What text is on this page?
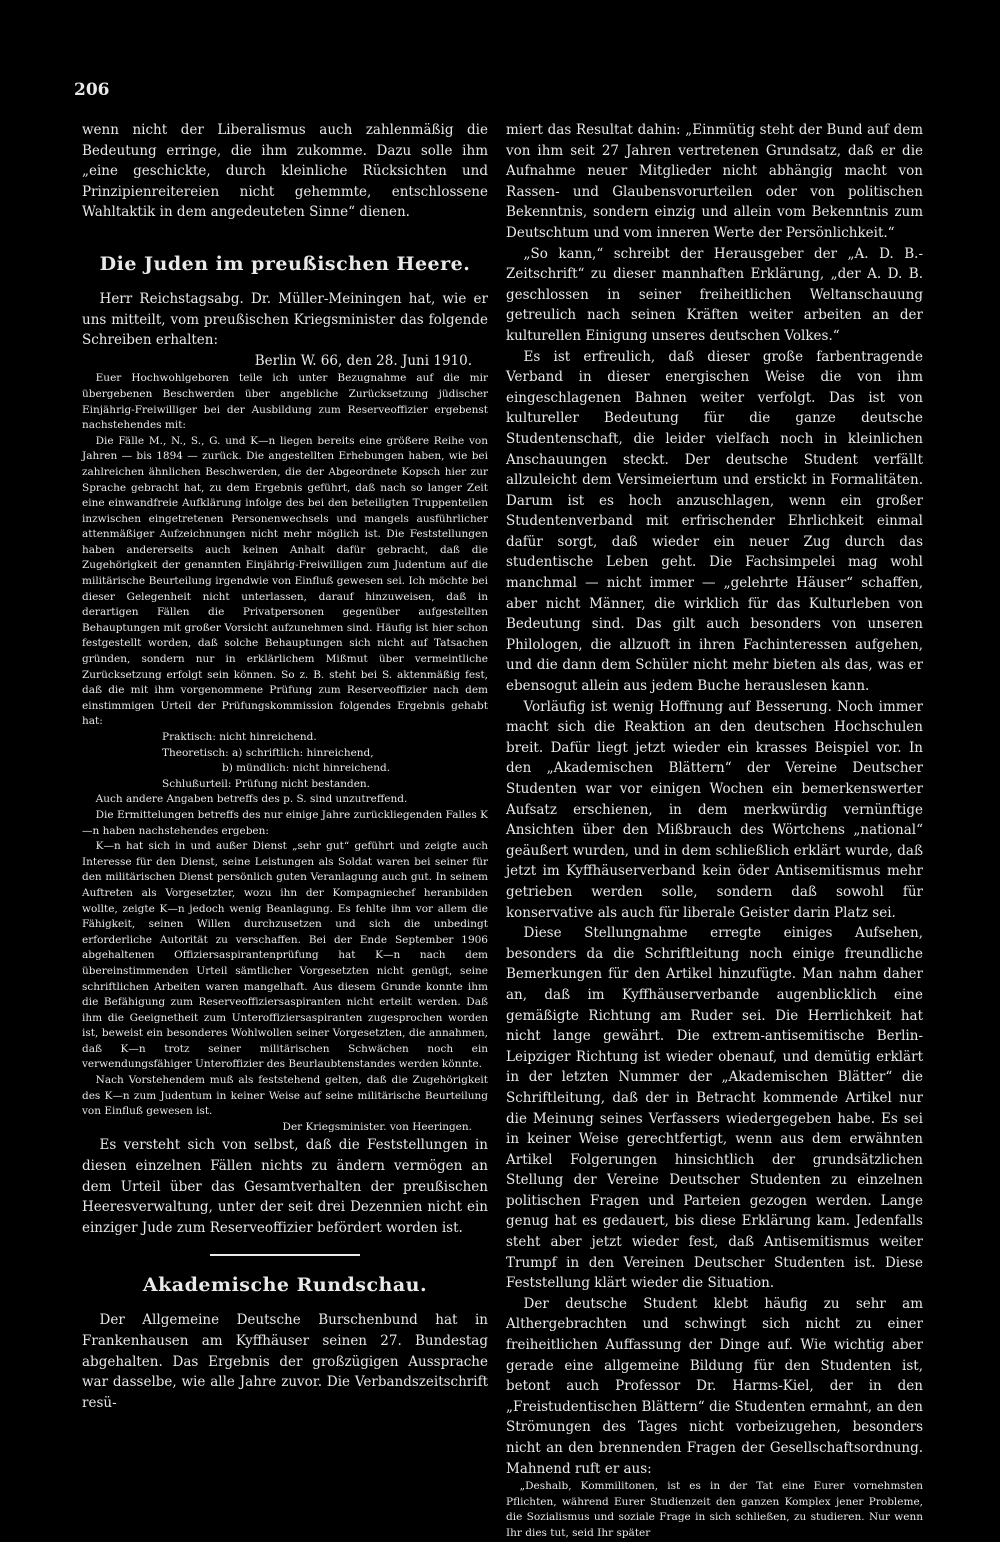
206

wenn nicht der Liberalismus auch zahlenmäßig die Bedeutung erringe, die ihm zukomme. Dazu solle ihm „eine geschickte, durch kleinliche Rücksichten und Prinzipienreitereien nicht gehemmte, entschlossene Wahltaktik in dem angedeuteten Sinne“ dienen.

Die Juden im preußischen Heere.

Herr Reichstagsabg. Dr. Müller-Meiningen hat, wie er uns mitteilt, vom preußischen Kriegsminister das folgende Schreiben erhalten:

Berlin W. 66, den 28. Juni 1910.

Euer Hochwohlgeboren teile ich unter Bezugnahme auf die mir übergebenen Beschwerden über angebliche Zurücksetzung jüdischer Einjährig-Freiwilliger bei der Ausbildung zum Reserveoffizier ergebenst nachstehendes mit:

Die Fälle M., N., S., G. und K—n liegen bereits eine größere Reihe von Jahren — bis 1894 — zurück. Die angestellten Erhebungen haben, wie bei zahlreichen ähnlichen Beschwerden, die der Abgeordnete Kopsch hier zur Sprache gebracht hat, zu dem Ergebnis geführt, daß nach so langer Zeit eine einwandfreie Aufklärung infolge des bei den beteiligten Truppenteilen inzwischen eingetretenen Personenwechsels und mangels ausführlicher attenmäßiger Aufzeichnungen nicht mehr möglich ist. Die Feststellungen haben andererseits auch keinen Anhalt dafür gebracht, daß die Zugehörigkeit der genannten Einjährig-Freiwilligen zum Judentum auf die militärische Beurteilung irgendwie von Einfluß gewesen sei. Ich möchte bei dieser Gelegenheit nicht unterlassen, darauf hinzuweisen, daß in derartigen Fällen die Privatpersonen gegenüber aufgestellten Behauptungen mit großer Vorsicht aufzunehmen sind. Häufig ist hier schon festgestellt worden, daß solche Behauptungen sich nicht auf Tatsachen gründen, sondern nur in erklärlichem Mißmut über vermeintliche Zurücksetzung erfolgt sein können. So z. B. steht bei S. aktenmäßig fest, daß die mit ihm vorgenommene Prüfung zum Reserveoffizier nach dem einstimmigen Urteil der Prüfungskommission folgendes Ergebnis gehabt hat:

Praktisch: nicht hinreichend.

Theoretisch: a) schriftlich: hinreichend,

b) mündlich: nicht hinreichend.

Schlußurteil: Prüfung nicht bestanden.

Auch andere Angaben betreffs des p. S. sind unzutreffend.

Die Ermittelungen betreffs des nur einige Jahre zurückliegenden Falles K—n haben nachstehendes ergeben:

K—n hat sich in und außer Dienst „sehr gut“ geführt und zeigte auch Interesse für den Dienst, seine Leistungen als Soldat waren bei seiner für den militärischen Dienst persönlich guten Veranlagung auch gut. In seinem Auftreten als Vorgesetzter, wozu ihn der Kompagniechef heranbilden wollte, zeigte K—n jedoch wenig Beanlagung. Es fehlte ihm vor allem die Fähigkeit, seinen Willen durchzusetzen und sich die unbedingt erforderliche Autorität zu verschaffen. Bei der Ende September 1906 abgehaltenen Offiziersaspirantenprüfung hat K—n nach dem übereinstimmenden Urteil sämtlicher Vorgesetzten nicht genügt, seine schriftlichen Arbeiten waren mangelhaft. Aus diesem Grunde konnte ihm die Befähigung zum Reserveoffiziersaspiranten nicht erteilt werden. Daß ihm die Geeignetheit zum Unteroffiziersaspiranten zugesprochen worden ist, beweist ein besonderes Wohlwollen seiner Vorgesetzten, die annahmen, daß K—n trotz seiner militärischen Schwächen noch ein verwendungsfähiger Unteroffizier des Beurlaubtenstandes werden könnte.

Nach Vorstehendem muß als feststehend gelten, daß die Zugehörigkeit des K—n zum Judentum in keiner Weise auf seine militärische Beurteilung von Einfluß gewesen ist.

Der Kriegsminister. von Heeringen.

Es versteht sich von selbst, daß die Feststellungen in diesen einzelnen Fällen nichts zu ändern vermögen an dem Urteil über das Gesamtverhalten der preußischen Heeresverwaltung, unter der seit drei Dezennien nicht ein einziger Jude zum Reserveoffizier befördert worden ist.

Akademische Rundschau.

Der Allgemeine Deutsche Burschenbund hat in Frankenhausen am Kyffhäuser seinen 27. Bundestag abgehalten. Das Ergebnis der großzügigen Aussprache war dasselbe, wie alle Jahre zuvor. Die Verbandszeitschrift resü-

miert das Resultat dahin: „Einmütig steht der Bund auf dem von ihm seit 27 Jahren vertretenen Grundsatz, daß er die Aufnahme neuer Mitglieder nicht abhängig macht von Rassen- und Glaubensvorurteilen oder von politischen Bekenntnis, sondern einzig und allein vom Bekenntnis zum Deutschtum und vom inneren Werte der Persönlichkeit.“

„So kann,“ schreibt der Herausgeber der „A. D. B.-Zeitschrift“ zu dieser mannhaften Erklärung, „der A. D. B. geschlossen in seiner freiheitlichen Weltanschauung getreulich nach seinen Kräften weiter arbeiten an der kulturellen Einigung unseres deutschen Volkes.“

Es ist erfreulich, daß dieser große farbentragende Verband in dieser energischen Weise die von ihm eingeschlagenen Bahnen weiter verfolgt. Das ist von kultureller Bedeutung für die ganze deutsche Studentenschaft, die leider vielfach noch in kleinlichen Anschauungen steckt. Der deutsche Student verfällt allzuleicht dem Versimeiertum und erstickt in Formalitäten. Darum ist es hoch anzuschlagen, wenn ein großer Studentenverband mit erfrischender Ehrlichkeit einmal dafür sorgt, daß wieder ein neuer Zug durch das studentische Leben geht. Die Fachsimpelei mag wohl manchmal — nicht immer — „gelehrte Häuser“ schaffen, aber nicht Männer, die wirklich für das Kulturleben von Bedeutung sind. Das gilt auch besonders von unseren Philologen, die allzuoft in ihren Fachinteressen aufgehen, und die dann dem Schüler nicht mehr bieten als das, was er ebensogut allein aus jedem Buche herauslesen kann.

Vorläufig ist wenig Hoffnung auf Besserung. Noch immer macht sich die Reaktion an den deutschen Hochschulen breit. Dafür liegt jetzt wieder ein krasses Beispiel vor. In den „Akademischen Blättern“ der Vereine Deutscher Studenten war vor einigen Wochen ein bemerkenswerter Aufsatz erschienen, in dem merkwürdig vernünftige Ansichten über den Mißbrauch des Wörtchens „national“ geäußert wurden, und in dem schließlich erklärt wurde, daß jetzt im Kyffhäuserverband kein öder Antisemitismus mehr getrieben werden solle, sondern daß sowohl für konservative als auch für liberale Geister darin Platz sei.

Diese Stellungnahme erregte einiges Aufsehen, besonders da die Schriftleitung noch einige freundliche Bemerkungen für den Artikel hinzufügte. Man nahm daher an, daß im Kyffhäuserverbande augenblicklich eine gemäßigte Richtung am Ruder sei. Die Herrlichkeit hat nicht lange gewährt. Die extrem-antisemitische Berlin-Leipziger Richtung ist wieder obenauf, und demütig erklärt in der letzten Nummer der „Akademischen Blätter“ die Schriftleitung, daß der in Betracht kommende Artikel nur die Meinung seines Verfassers wiedergegeben habe. Es sei in keiner Weise gerechtfertigt, wenn aus dem erwähnten Artikel Folgerungen hinsichtlich der grundsätzlichen Stellung der Vereine Deutscher Studenten zu einzelnen politischen Fragen und Parteien gezogen werden. Lange genug hat es gedauert, bis diese Erklärung kam. Jedenfalls steht aber jetzt wieder fest, daß Antisemitismus weiter Trumpf in den Vereinen Deutscher Studenten ist. Diese Feststellung klärt wieder die Situation.

Der deutsche Student klebt häufig zu sehr am Althergebrachten und schwingt sich nicht zu einer freiheitlichen Auffassung der Dinge auf. Wie wichtig aber gerade eine allgemeine Bildung für den Studenten ist, betont auch Professor Dr. Harms-Kiel, der in den „Freistudentischen Blättern“ die Studenten ermahnt, an den Strömungen des Tages nicht vorbeizugehen, besonders nicht an den brennenden Fragen der Gesellschaftsordnung. Mahnend ruft er aus:

„Deshalb, Kommilitonen, ist es in der Tat eine Eurer vornehmsten Pflichten, während Eurer Studienzeit den ganzen Komplex jener Probleme, die Sozialismus und soziale Frage in sich schließen, zu studieren. Nur wenn Ihr dies tut, seid Ihr später
